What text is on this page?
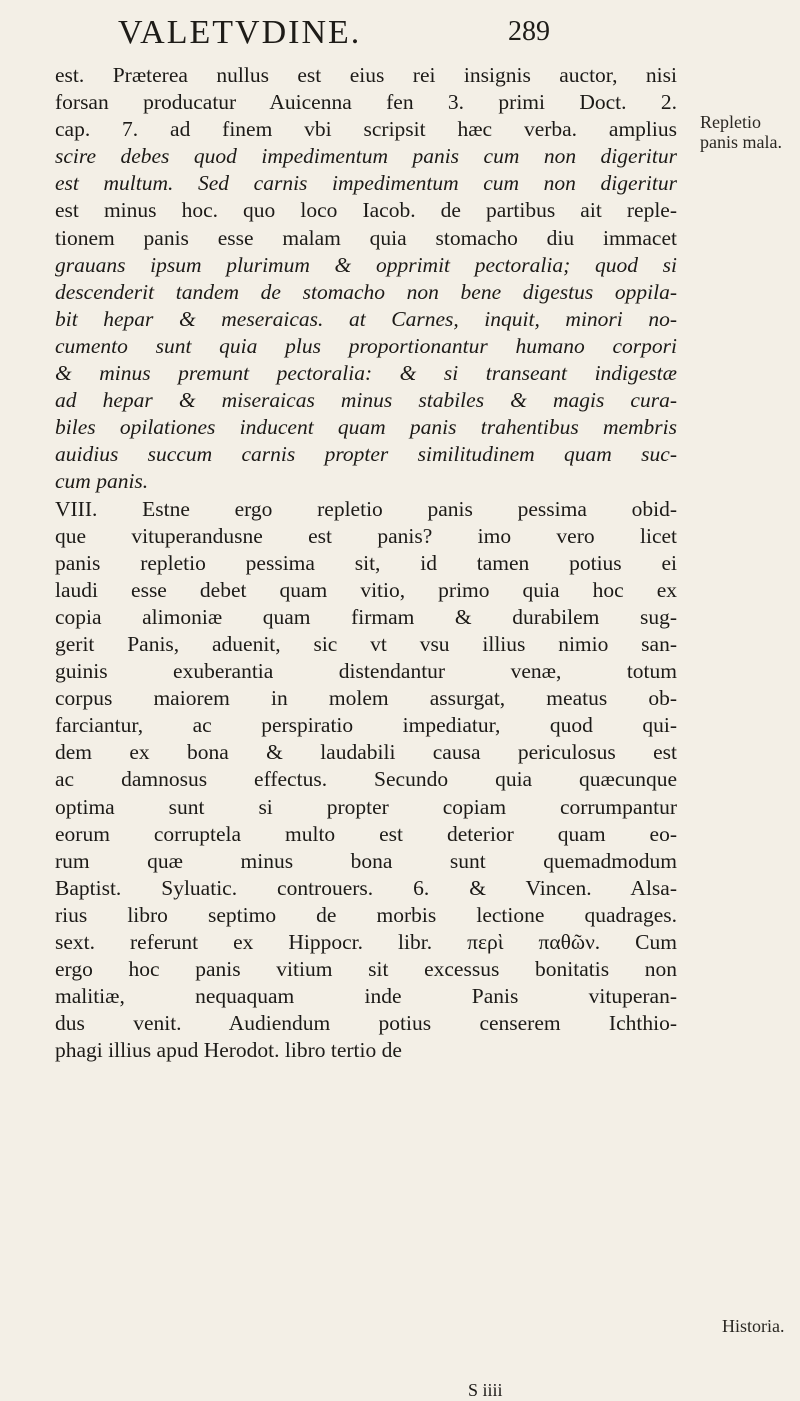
VALETVDINE.	289
est. Præterea nullus est eius rei insignis auctor, nisi
forsan producatur Auicenna fen 3. primi Doct. 2.
cap. 7. ad finem vbi scripsit hæc verba. amplius
scire debes quod impedimentum panis cum non digeritur
est multum. Sed carnis impedimentum cum non digeritur
est minus hoc. quo loco Iacob. de partibus ait reple-
tionem panis esse malam quia stomacho diu immacet
grauans ipsum plurimum & opprimit pectoralia; quod si
descenderit tandem de stomacho non bene digestus oppila-
bit hepar & meseraicas. at Carnes, inquit, minori no-
cumento sunt quia plus proportionantur humano corpori
& minus premunt pectoralia: & si transeant indigestæ
ad hepar & miseraicas minus stabiles & magis cura-
biles opilationes inducent quam panis trahentibus membris
auidius succum carnis propter similitudinem quam suc-
cum panis.
VIII. Estne ergo repletio panis pessima obid-
que vituperandusne est panis? imo vero licet
panis repletio pessima sit, id tamen potius ei
laudi esse debet quam vitio, primo quia hoc ex
copia alimoniæ quam firmam & durabilem sug-
gerit Panis, aduenit, sic vt vsu illius nimio san-
guinis exuberantia distendantur venæ, totum
corpus maiorem in molem assurgat, meatus ob-
farciantur, ac perspiratio impediatur, quod qui-
dem ex bona & laudabili causa periculosus est
ac damnosus effectus. Secundo quia quæcunque
optima sunt si propter copiam corrumpantur
eorum corruptela multo est deterior quam eo-
rum quæ minus bona sunt quemadmodum
Baptist. Syluatic. controuers. 6. & Vincen. Alsa-
rius libro septimo de morbis lectione quadrages.
sext. referunt ex Hippocr. libr. περὶ παθῶν. Cum
ergo hoc panis vitium sit excessus bonitatis non
malitiæ, nequaquam inde Panis vituperan-
dus venit. Audiendum potius censerem Ichthio-
phagi illius apud Herodot. libro tertio de
Repletio panis mala.
Historia.
S iiii
